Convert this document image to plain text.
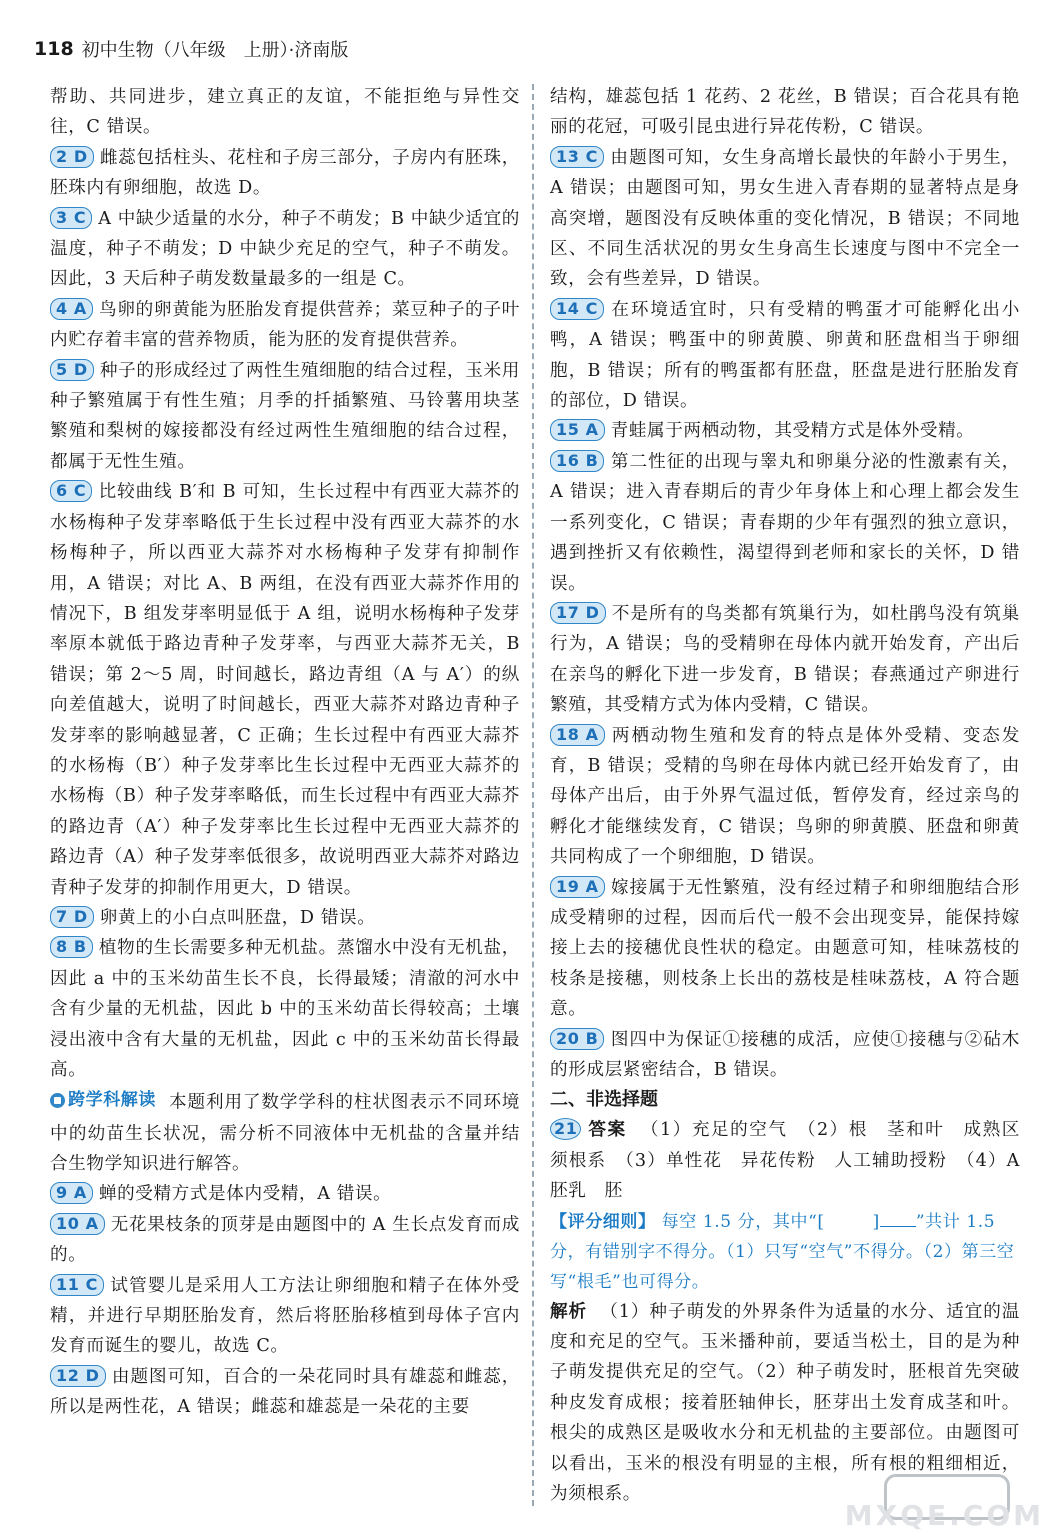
118 初中生物（八年级　上册）·济南版

帮助、共同进步，建立真正的友谊，不能拒绝与异性交往，C 错误。

2 D 雌蕊包括柱头、花柱和子房三部分，子房内有胚珠，胚珠内有卵细胞，故选 D。

3 C A 中缺少适量的水分，种子不萌发；B 中缺少适宜的温度，种子不萌发；D 中缺少充足的空气，种子不萌发。因此，3 天后种子萌发数量最多的一组是 C。

4 A 鸟卵的卵黄能为胚胎发育提供营养；菜豆种子的子叶内贮存着丰富的营养物质，能为胚的发育提供营养。

5 D 种子的形成经过了两性生殖细胞的结合过程，玉米用种子繁殖属于有性生殖；月季的扦插繁殖、马铃薯用块茎繁殖和梨树的嫁接都没有经过两性生殖细胞的结合过程，都属于无性生殖。

6 C 比较曲线 B′和 B 可知，生长过程中有西亚大蒜芥的水杨梅种子发芽率略低于生长过程中没有西亚大蒜芥的水杨梅种子，所以西亚大蒜芥对水杨梅种子发芽有抑制作用，A 错误；对比 A、B 两组，在没有西亚大蒜芥作用的情况下，B 组发芽率明显低于 A 组，说明水杨梅种子发芽率原本就低于路边青种子发芽率，与西亚大蒜芥无关，B 错误；第 2～5 周，时间越长，路边青组（A 与 A′）的纵向差值越大，说明了时间越长，西亚大蒜芥对路边青种子发芽率的影响越显著，C 正确；生长过程中有西亚大蒜芥的水杨梅（B′）种子发芽率比生长过程中无西亚大蒜芥的水杨梅（B）种子发芽率略低，而生长过程中有西亚大蒜芥的路边青（A′）种子发芽率比生长过程中无西亚大蒜芥的路边青（A）种子发芽率低很多，故说明西亚大蒜芥对路边青种子发芽的抑制作用更大，D 错误。

7 D 卵黄上的小白点叫胚盘，D 错误。

8 B 植物的生长需要多种无机盐。蒸馏水中没有无机盐，因此 a 中的玉米幼苗生长不良，长得最矮；清澈的河水中含有少量的无机盐，因此 b 中的玉米幼苗长得较高；土壤浸出液中含有大量的无机盐，因此 c 中的玉米幼苗长得最高。

跨学科解读 本题利用了数学学科的柱状图表示不同环境中的幼苗生长状况，需分析不同液体中无机盐的含量并结合生物学知识进行解答。

9 A 蝉的受精方式是体内受精，A 错误。

10 A 无花果枝条的顶芽是由题图中的 A 生长点发育而成的。

11 C 试管婴儿是采用人工方法让卵细胞和精子在体外受精，并进行早期胚胎发育，然后将胚胎移植到母体子宫内发育而诞生的婴儿，故选 C。

12 D 由题图可知，百合的一朵花同时具有雄蕊和雌蕊，所以是两性花，A 错误；雌蕊和雄蕊是一朵花的主要

结构，雄蕊包括 1 花药、2 花丝，B 错误；百合花具有艳丽的花冠，可吸引昆虫进行异花传粉，C 错误。

13 C 由题图可知，女生身高增长最快的年龄小于男生，A 错误；由题图可知，男女生进入青春期的显著特点是身高突增，题图没有反映体重的变化情况，B 错误；不同地区、不同生活状况的男女生身高生长速度与图中不完全一致，会有些差异，D 错误。

14 C 在环境适宜时，只有受精的鸭蛋才可能孵化出小鸭，A 错误；鸭蛋中的卵黄膜、卵黄和胚盘相当于卵细胞，B 错误；所有的鸭蛋都有胚盘，胚盘是进行胚胎发育的部位，D 错误。

15 A 青蛙属于两栖动物，其受精方式是体外受精。

16 B 第二性征的出现与睾丸和卵巢分泌的性激素有关，A 错误；进入青春期后的青少年身体上和心理上都会发生一系列变化，C 错误；青春期的少年有强烈的独立意识，遇到挫折又有依赖性，渴望得到老师和家长的关怀，D 错误。

17 D 不是所有的鸟类都有筑巢行为，如杜鹃鸟没有筑巢行为，A 错误；鸟的受精卵在母体内就开始发育，产出后在亲鸟的孵化下进一步发育，B 错误；春燕通过产卵进行繁殖，其受精方式为体内受精，C 错误。

18 A 两栖动物生殖和发育的特点是体外受精、变态发育，B 错误；受精的鸟卵在母体内就已经开始发育了，由母体产出后，由于外界气温过低，暂停发育，经过亲鸟的孵化才能继续发育，C 错误；鸟卵的卵黄膜、胚盘和卵黄共同构成了一个卵细胞，D 错误。

19 A 嫁接属于无性繁殖，没有经过精子和卵细胞结合形成受精卵的过程，因而后代一般不会出现变异，能保持嫁接上去的接穗优良性状的稳定。由题意可知，桂味荔枝的枝条是接穗，则枝条上长出的荔枝是桂味荔枝，A 符合题意。

20 B 图四中为保证①接穗的成活，应使①接穗与②砧木的形成层紧密结合，B 错误。

二、非选择题

21 答案 （1）充足的空气　（2）根　茎和叶　成熟区　须根系　（3）单性花　异花传粉　人工辅助授粉　（4）A　胚乳　胚

【评分细则】 每空 1.5 分，其中“[	] ”共计 1.5 分，有错别字不得分。（1）只写“空气”不得分。（2）第三空写“根毛”也可得分。

解析 （1）种子萌发的外界条件为适量的水分、适宜的温度和充足的空气。玉米播种前，要适当松土，目的是为种子萌发提供充足的空气。（2）种子萌发时，胚根首先突破种皮发育成根；接着胚轴伸长，胚芽出土发育成茎和叶。根尖的成熟区是吸收水分和无机盐的主要部位。由题图可以看出，玉米的根没有明显的主根，所有根的粗细相近，为须根系。

MXQE.COM
